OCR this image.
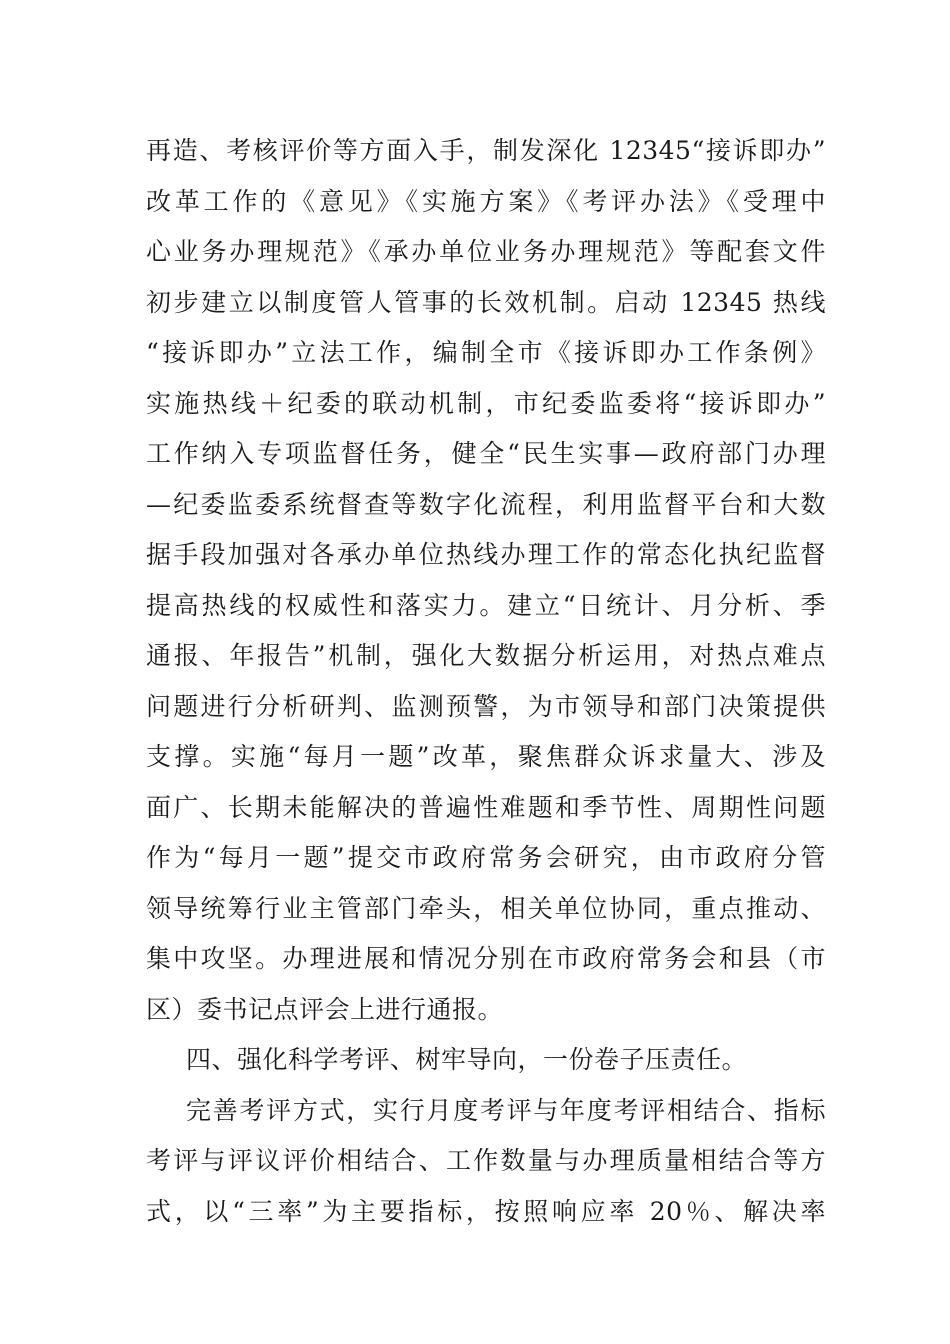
再造、考核评价等方面入手，制发深化 12345“接诉即办”
改革工作的《意见》《实施方案》《考评办法》《受理中
心业务办理规范》《承办单位业务办理规范》等配套文件
初步建立以制度管人管事的长效机制。启动 12345 热线
“接诉即办”立法工作，编制全市《接诉即办工作条例》
实施热线＋纪委的联动机制，市纪委监委将“接诉即办”
工作纳入专项监督任务，健全“民生实事—政府部门办理
—纪委监委系统督查等数字化流程，利用监督平台和大数
据手段加强对各承办单位热线办理工作的常态化执纪监督
提高热线的权威性和落实力。建立“日统计、月分析、季
通报、年报告”机制，强化大数据分析运用，对热点难点
问题进行分析研判、监测预警，为市领导和部门决策提供
支撑。实施“每月一题”改革，聚焦群众诉求量大、涉及
面广、长期未能解决的普遍性难题和季节性、周期性问题
作为“每月一题”提交市政府常务会研究，由市政府分管
领导统筹行业主管部门牵头，相关单位协同，重点推动、
集中攻坚。办理进展和情况分别在市政府常务会和县（市
区）委书记点评会上进行通报。
四、强化科学考评、树牢导向，一份卷子压责任。
完善考评方式，实行月度考评与年度考评相结合、指标
考评与评议评价相结合、工作数量与办理质量相结合等方
式，以“三率”为主要指标，按照响应率 20％、解决率
